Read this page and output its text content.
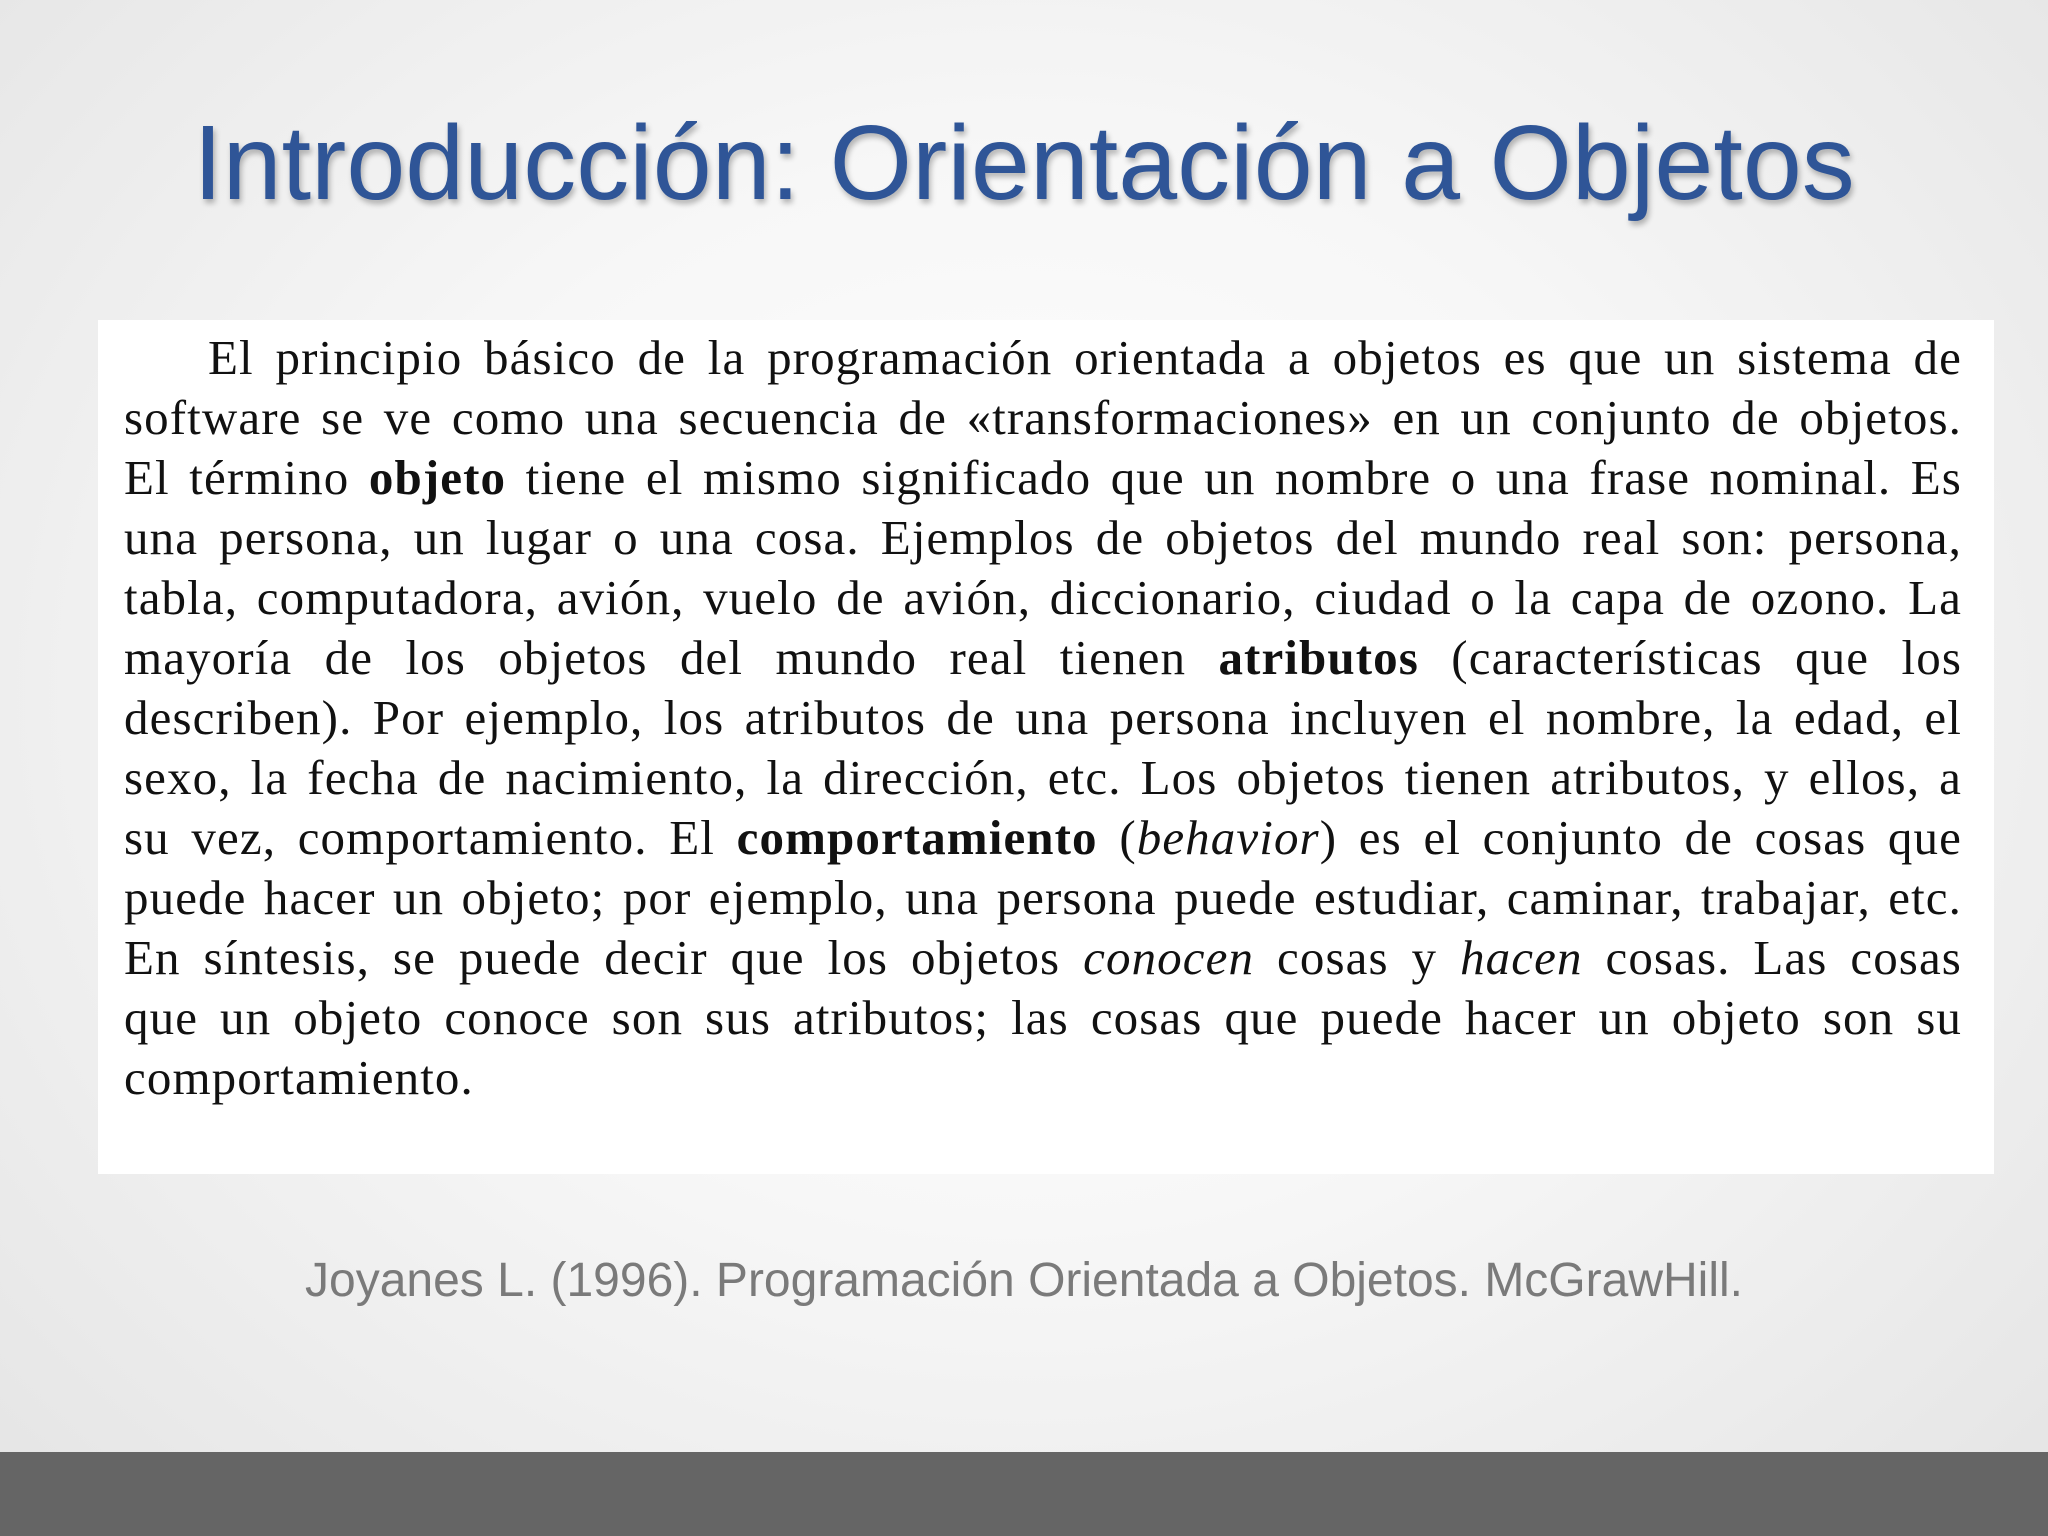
Introducción: Orientación a Objetos

El principio básico de la programación orientada a objetos es que un sistema de software se ve como una secuencia de «transformaciones» en un conjunto de objetos. El término objeto tiene el mismo significado que un nombre o una frase nominal. Es una persona, un lugar o una cosa. Ejemplos de objetos del mundo real son: persona, tabla, computadora, avión, vuelo de avión, diccionario, ciudad o la capa de ozono. La mayoría de los objetos del mundo real tienen atributos (características que los describen). Por ejemplo, los atributos de una persona incluyen el nombre, la edad, el sexo, la fecha de nacimiento, la dirección, etc. Los objetos tienen atributos, y ellos, a su vez, comportamiento. El comportamiento (behavior) es el conjunto de cosas que puede hacer un objeto; por ejemplo, una persona puede estudiar, caminar, trabajar, etc. En síntesis, se puede decir que los objetos conocen cosas y hacen cosas. Las cosas que un objeto conoce son sus atributos; las cosas que puede hacer un objeto son su comportamiento.

Joyanes L. (1996). Programación Orientada a Objetos. McGrawHill.
